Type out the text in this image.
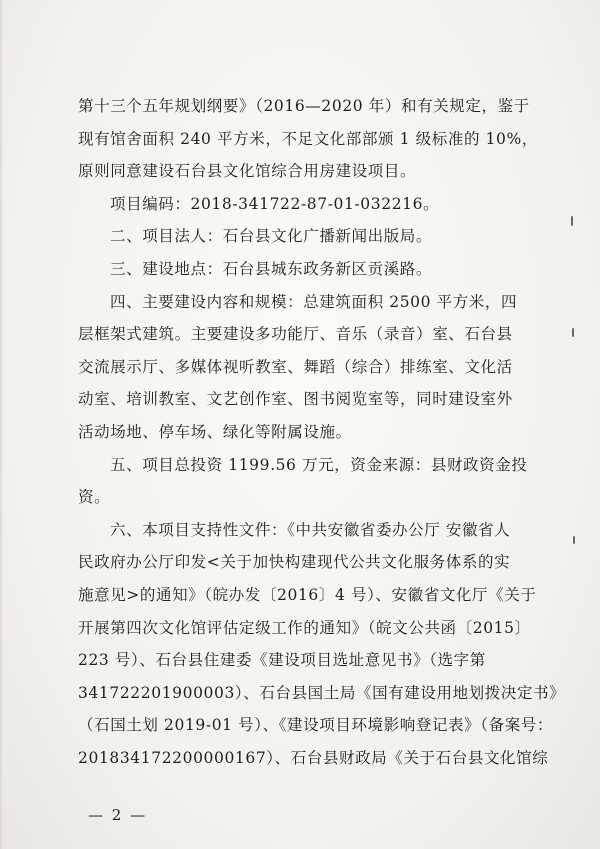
第十三个五年规划纲要》（2016—2020 年）和有关规定，鉴于
现有馆舍面积 240 平方米，不足文化部部颁 1 级标准的 10%，
原则同意建设石台县文化馆综合用房建设项目。
项目编码：2018-341722-87-01-032216。
二、项目法人：石台县文化广播新闻出版局。
三、建设地点：石台县城东政务新区贡溪路。
四、主要建设内容和规模：总建筑面积 2500 平方米，四
层框架式建筑。主要建设多功能厅、音乐（录音）室、石台县
交流展示厅、多媒体视听教室、舞蹈（综合）排练室、文化活
动室、培训教室、文艺创作室、图书阅览室等，同时建设室外
活动场地、停车场、绿化等附属设施。
五、项目总投资 1199.56 万元，资金来源：县财政资金投
资。
六、本项目支持性文件：《中共安徽省委办公厅 安徽省人
民政府办公厅印发<关于加快构建现代公共文化服务体系的实
施意见>的通知》（皖办发〔2016〕4 号）、安徽省文化厅《关于
开展第四次文化馆评估定级工作的通知》（皖文公共函〔2015〕
223 号）、石台县住建委《建设项目选址意见书》（选字第
341722201900003）、石台县国土局《国有建设用地划拨决定书》
（石国土划 2019-01 号）、《建设项目环境影响登记表》（备案号：
201834172200000167）、石台县财政局《关于石台县文化馆综
— 2 —
